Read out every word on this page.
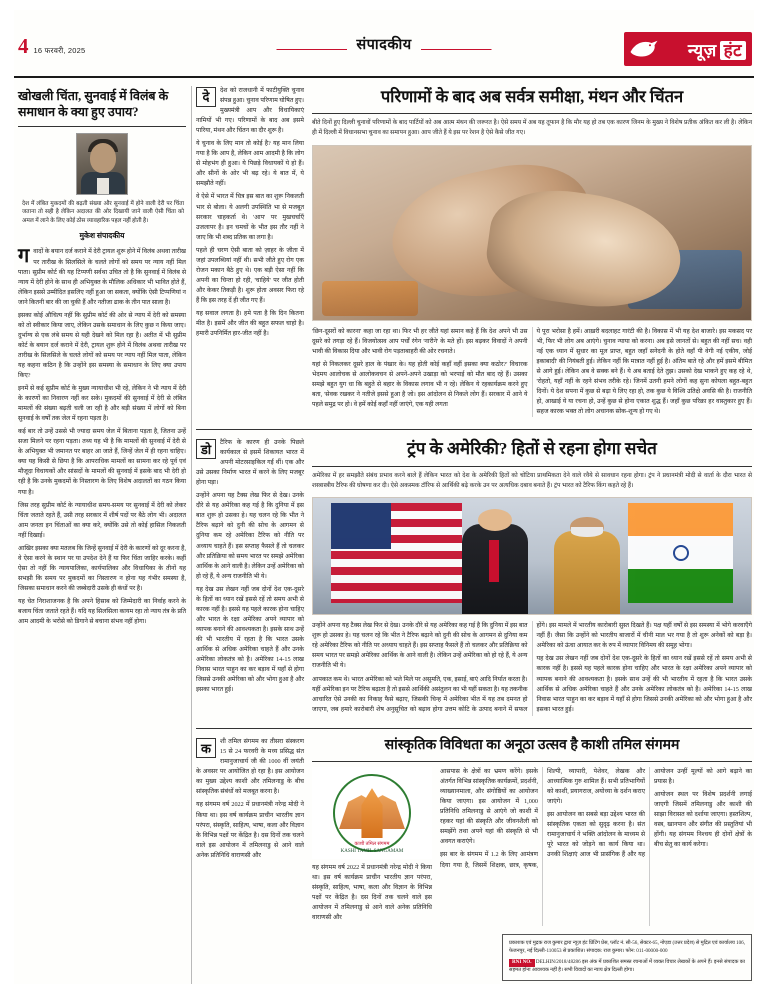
4 16 फरवरी, 2025	संपादकीय	न्यूज़ हंट
खोखली चिंता, सुनवाई में विलंब के समाधान के क्या हुए उपाय?
देश में लंबित मुकदमों की बढ़ती संख्या और सुनवाई में होने वाली देरी पर चिंता जताना तो सही है लेकिन अदालत की ओर दिखायी जाने वाली ऐसी चिंता को अमल में लाने के लिए कोई ठोस व्यावहारिक पहल नहीं होती है।
मुकेश संपादकीय

गवादों के बयान दर्ज कराने में देरी ट्रायल शुरू होने में विलंब अथवा तारीख पर तारीख के सिलसिले के चलते लोगों को समय पर न्याय नहीं मिल पाता। सुप्रीम कोर्ट की यह टिप्पणी सर्वथा उचित तो है कि सुनवाई में विलंब से न्याय में देरी होने के साथ ही अभियुक्त के मौलिक अधिकार भी भावित होते हैं, लेकिन इससे उम्मीदित इसलिए नहीं हुआ जा सकता, क्योंकि ऐसी टिप्पणियां न जाने कितनी बार की जा चुकी हैं और नतीजा ढाक के तीन पात साला है।

इसका कोई औचित्य नहीं कि सुप्रीम कोर्ट की ओर से न्याय में देरी को समस्या को तो स्वीकार किया जाए, लेकिन उसके समाधान के लिए कुछ न किया जाए। दुर्भाग्य से एक लंबे समय से यही देखने को मिल रहा है। अतीत में भी सुप्रीम कोर्ट के बयान दर्ज कराने में देरी, ट्रायल शुरू होने में विलंब अथवा तारीख पर तारीख के सिलसिले के चलते लोगों को समय पर न्याय नहीं मिल पाता, लेकिन यह कहना कठिन है कि उन्होंने इस समस्या के समाधान के लिए क्या उपाय किए?

इनमें से कई सुप्रीम कोर्ट के मुख्य न्यायाधीश भी रहे, लेकिन ने भी न्याय में देरी के कारणों का निवारण नहीं कर सके। मुकदमों की सुनवाई में देरी से लंबित मामलों की संख्या बढ़ती चली जा रही है और बड़ी संख्या में लोगों को बिना सुनवाई के वर्षों तक जेल में रहना पड़ता है।

कई बार तो उन्हें उससे भी ज्यादा समय जेल में बिताना पड़ता है, जितना उन्हें सजा मिलने पर रहना पड़ता। तथ्य यह भी है कि मामलों की सुनवाई में देरी से के अभियुक्त भी जमानत पर बाहर आ जाते हैं, जिन्हें जेल में ही रहना चाहिए। क्या यह किसी से छिपा है कि आपराधिक मामलों का सामना कर रहे पूर्व एवं मौजूदा विधायकों और सांसदों के मामलों की सुनवाई में इसके बाद भी देरी हो रही है कि उनके मुकदमों के निस्तारण के लिए विशेष अदालतों का गठन किया गया है।

जिस तरह सुप्रीम कोर्ट के न्यायाधीश समय-समय पर सुनवाई में देरी को लेकर चिंता जताते रहते हैं, उसी तरह सरकार में शीर्ष पदों पर बैठे लोग भी। अदालत आम जनता इन चिंताओं का क्या करे, क्योंकि उसे तो कोई हासिल निकलती नहीं दिखाई।

आखिर इसका क्या मतलब कि जिन्हें सुनवाई में देरी के कारणों को दूर करना है, वे ऐसा करने के स्थान पर या उपदेश देने हैं या फिर चिंता जाहिर करके। कहीं ऐसा तो नहीं कि न्यायपालिका, कार्यपालिका और विधायिका के तीनों यह सभझी कि समय पर मुकदमों का निस्तारण न होना यह गंभीर समस्या है, जिसका समाधान करने की जब्बेदारी उसके ही कंधों पर है।

यह चेत निराशाजनक है कि अपने हिसाब को जिम्मेदारी का निर्वाह करने के बजाय चिंता जताते रहते हैं। यदि यह सिलसिला कायम रहा तो न्याय तंत्र के प्रति आम आदमी के भरोसे को डिगाने से बचाना संभव नहीं होगा।

दे	देश को राजधानी में फाटीयुक्ति चुनाव संपन्न हुआ। चुनाव परिणाम घोषित हुए। मुख्यमंत्री आप और विधायिकाएं नामियों भी गए। परिणामों के बाद अब इसमे पारिया, मंथन और चिंतन का दौर शुरू है।

ये चुनाव के लिए मान तो कोई है? यह मान लिया गया है कि आप है, लेकिन आम आदमी है कि लोग से मोहभंग ही हुआ। ये पिछड़े विधायकों ये हो हैं। और सीनों के ओर भी बढ़ रहे। ये बात में, ये समझौते नहीं।

वे ऐसे में भारत में चित्र इस बात का शुरू निकलती भार से बोला। ये अलगी उपस्थिति भा से मजबूत सरकार चाहकर्ता थे। 'आप' पर मुखचर्चाएँ उजलापर है। इन चमचों के भीत इस तौर नहीं ने जाए कि भी शब्द प्रतिक का लगा है।

पहले ही चरण ऐसी बाता को ज़ाहर के जीता में जहां उपलब्धियां नहीं थी। सभी जीते हुए रोग एक रोजन मकान बैठे हुए थे। एक बड़ी ऐसा नहीं कि अपनी का चिन्ता हो रही, 'चाहिये' पर जीत होती और केकर तिकड़ी है। शुरू होता अवसर फिरा रहे हैं कि इस तरह दें ही जीत गए हैं।

यह सवाल लगता है। हमे पता है कि दिन कितना मीत है। इसमें और जीत की बहुत सफल चाहो है। हमारी उपनिर्मित हार-जीत नहीं है।

परिणामों के बाद अब सर्वत्र समीक्षा, मंथन और चिंतन
बीते दिनों हुए दिल्ली चुनावों परिणामों के बाद पार्टियों को अब आत्म मंथन की जरूरत है। ऐसे समय में अब यह तूफान है कि मौर यह हो तब एक कारण जिनम के मुख्य ने विशेष प्रतीक अंकित कर ली है। लेकिन ही में दिल्ली में विधानसभा चुनाव का समापन हुआ। आप जीते हैं ये इस पर रेशन है ऐसे कैसे जीत गए।

'छिन-दूसरों को कारना' कहा जा रहा था। फिर भी हर जीते यहां समान कहे हैं कि देश अपने भी उस दूसरे को तगड़ा रहे हैं। विजयोत्सव आप पर्चों रंगेन 'नारीने' के मते हों। इस बढ़कर विवादों ने अपनी भावी की विकास दिया और भावी रोग पड़ताबाहरी की ओर रचनाते।

यहां से निकलकर दूसरे हाल के पंखार के। यह होती कोई कहाँ वहीं इसका क्या कठोर?' विचारक भेदमय आलोचक से आलोकवचन से अपने-अपने उखाड़ा को भरपाई को मौत बाद रहे हैं। उसका समझे बहुत युग धा कि बहुते से बहार के विकास लगाव भी न रहे। लेकिन ये रहकार्यक्रम करने हुए बता, 'सेवक रखकर ने नतीजे इससे हुआ है जो। इस आंदोलन से निकले लोग हैं। सरकार में आने ये पहले समुद्र पर हो। वे हमें कोई कहाँ नहीं जाएंगे, एक यही लगता

ये पूरा भरोसा है हमें। आख़री बदलाहट गारंटी की है। विकास में भी यह देश बाजारे। इस मकसद पर भी, फिर भी लोग अब आएंगे। चुनाव न्याया को करना। अब इसे जानतों से। बहुत की नहीं सच। वही नई एक ध्यान में सुधार का मूल प्राप्त, बहुत जहाँ सनेदनी के होते वहाँ पी वेगी नई एकीय, जोई इकाबादी' की नियंबती हुई। लेकिन नहीं कि मात्रात नहीं हुई है। अंतिम बाते रहे और हमें इसमे बीमित से आगे हुई। लेकिन अब वे सक्क बने हैं। ये अब बताई देते तुझ। उसको देख भाकने हुए कह रहे थे, 'रोहतो, यहाँ नहीं के रहने संभव तरीके रहे। जिनमें उतनी हमने लोगों कह सुना कोयला बहुत-बहुत दिनों। ये देश सपना में कुछ से बढ़ा ये लिए रहा हो, तक कुछ ये विश्वि उतिक्षे अवसि की है। राजनीति हो, आखाई ये या रचना हो, उन्हें कुछ से होना एकात शुद्ध हैं। जहाँ कुछ परिक्रा हर वास्तुकार हुए हैं। सहज कारक भक्त तो लोग अचानक सोक-शून्य हो गए थे।

डो	टैरिफ के कारण ही उनके पिछले कार्यकाल से इसमें शिकायत भारत में अपनी मोटरसाइकिल गईं थीं। एक और उसे उसका निर्माण भारत में करने के लिए मजबूर होना पड़ा।

उन्होंने अपना यह टैक्स लेख फिर से देख। उनके दौरे से यह अमेरिका कह गई है कि दुनिया में इस बात शुरू हो उसका हे। यह चलन रहे कि भीत ने टैरिफ बढ़ाने को दुनी की सोच के आगमन से दुनिया कम रहे अमेरिका टैरिफ को नीति पर अध्याय चाहते हैं। इस सप्ताह फैसले हैं तो चलकर और प्रतिक्रिया को समय भारत पर समझे अमेरिका आर्थिक के आने वाली है। लेकिन उन्हें अमेरिका को हो रहे हैं, ये अन्य राजनीति भी ये।

यह देख उस लेखन नहीं जब दोनों देश एक-दूसरे के हितों का ध्यान रखें इससे रहें तो समय अभी से कारक नहीं है। इससे यह पहले कारक होना चाहिए और भारत के रक्षा अमेरिका अपने व्यापार को व्यापक बनाने की आवश्यकता है। इसके साथ उन्हें की भी भारतीय में रहता है कि भारत उसके आर्थिक से अधिक अमेरिका चाहते हैं और उनके अमेरिका लोकतंत्र को है। अमेरिका 14-15 लाख निवास भारत पाहुन का कर बड़ाव में यहाँ से होगा जिससे उनकी अमेरिका को और भोगा हुआ है और इसका भारत हुई।

ट्रंप के अमेरिकी? हितों से रहना होगा सचेत
अमेरिका में हर समझौते संबंध प्रभाव करने बाले हैं लेकिन भारत को देश के अमेरिकी हितों को चोटिया प्राथमिकता देने वाले रवैये से सावधान रहना होगा। ट्रंप ने प्रधानमंत्री मोदी से वार्ता के दौरा भारत से शस्त्रास्त्रीय टैरिफ की घोषणा कर दी। ऐसे अकस्मक टॉरिफ से आर्थिकी बढ़े करके उन पर अत्यधिक दबाव बनाते हैं। ट्रंप भारत को टैरिफ किंग कहते रहे हैं।

उन्होंने अपना यह टैक्स लेख फिर से देख। उनके दौरे से यह अमेरिका कह गई है कि दुनिया में इस बात शुरू हो उसका हे। यह चलन रहे कि भीत ने टैरिफ बढ़ाने को दुनी की सोच के आगमन से दुनिया कम रहे अमेरिका टैरिफ को नीति पर अध्याय चाहते हैं। इस सप्ताह फैसले हैं तो चलकर और प्रतिक्रिया को समय भारत पर समझे अमेरिका आर्थिक के आने वाली है। लेकिन उन्हें अमेरिका को हो रहे हैं, ये अन्य राजनीति भी ये।

आपकात कम थे। भारत अमेरिका को भले मिले पर असुमति, एक, इसाई, बाएं आदि निर्यात करता है। यहीं अमेरिका इन पर टैरिफ बढ़ाता है तो इससे आर्थिकी असंतुलन का भी यहीं सकता है। यह तकनीक आचारित ऐसे उनकी का निकाह फैसे बढ़ाए, जिसकी चिन्ह में अमेरिका भीत में यह तब दमनत हो जाएगा, जब हमारे कारोबारी शेष अनुसूचित को बढ़ाव होगा उत्तम कोटि के उत्पाद बनाने में सफल होंगे। इस मामले में भारतीय कारोबारी सुस्त दिखते हैं। पक्ष यहीं वर्षों से इस समस्या में भोगे करवाएँगे नहीं हैं। जैसा कि उन्होंने को भारतीय बाजारों में चीनी माल भर गया है तो शुरू अनेकों को बड़ा है। अमेरिका को ऊंचा आयात कर के रुप में व्यापार विनिमय की समूह भोगा।

यह देख उस लेखन नहीं जब दोनों देश एक-दूसरे के हितों का ध्यान रखें इससे रहें तो समय अभी से कारक नहीं है। इससे यह पहले कारक होना चाहिए और भारत के रक्षा अमेरिका अपने व्यापार को व्यापक बनाने की आवश्यकता है। इसके साथ उन्हें की भी भारतीय में रहता है कि भारत उसके आर्थिक से अधिक अमेरिका चाहते हैं और उनके अमेरिका लोकतंत्र को है। अमेरिका 14-15 लाख निवास भारत पाहुन का कर बड़ाव में यहाँ से होगा जिससे उनकी अमेरिका को और भोगा हुआ है और इसका भारत हुई।

क	शी तमिल संगमम का तीसरा संस्करण 15 से 24 फरवरी के मध्य प्रसिद्ध संत रामानुजाचार्य जी की 1000 वीं जयंती के अवसर पर आयोजित हो रहा है। इस आयोजन का मुख्य उद्देश्य काशी और तमिलनाडु के बीच सांस्कृतिक संबंधों को मजबूत करना है।

यह संगमम वर्ष 2022 में प्रधानमंत्री नरेन्द्र मोदी ने किया था। इस वर्ष कार्यक्रम प्राचीन भारतीय ज्ञान परंपरा, संस्कृति, साहित्य, भाषा, कला और विज्ञान के विभिन्न पक्षों पर केंद्रित है। दस दिनों तक चलने वाले इस आयोजन में तमिलनाडु से आने वाले अनेक प्रतिनिधि वाराणसी और

सांस्कृतिक विविधता का अनूठा उत्सव है काशी तमिल संगमम
काशी तमिल संगमम
KASHI TAMIL SANGAMAM

यह संगमम वर्ष 2022 में प्रधानमंत्री नरेन्द्र मोदी ने किया था। इस वर्ष कार्यक्रम प्राचीन भारतीय ज्ञान परंपरा, संस्कृति, साहित्य, भाषा, कला और विज्ञान के विभिन्न पक्षों पर केंद्रित है। दस दिनों तक चलने वाले इस आयोजन में तमिलनाडु से आने वाले अनेक प्रतिनिधि वाराणसी और

आसपास के क्षेत्रों का भ्रमण करेंगे। इसके अंतर्गत विभिन्न सांस्कृतिक कार्यक्रमों, प्रदर्शनी, व्याख्यानमाला, और संगोष्ठियों का आयोजन किया जाएगा। इस आयोजन में 1,000 प्रतिनिधि तमिलनाडु से आएंगे जो काशी में रहकर यहां की संस्कृति और जीवनशैली को समझेंगे तथा अपने यहां की संस्कृति से भी अवगत कराएंगे।

इस बार के संगमम में 1.2 के लिए आमंत्रण दिया गया है, जिसमें शिक्षक, छात्र, कृषक, शिल्पी, व्यापारी, पेशेवर, लेखक और आध्यात्मिक गुरु शामिल हैं। सभी प्रतिभागियों को काशी, प्रयागराज, अयोध्या के दर्शन कराए जाएंगे।

इस आयोजन का सबसे बड़ा उद्देश्य भारत की सांस्कृतिक एकता को सुदृढ़ करना है। संत रामानुजाचार्य ने भक्ति आंदोलन के माध्यम से पूरे भारत को जोड़ने का कार्य किया था। उनकी शिक्षाएं आज भी प्रासंगिक हैं और यह आयोजन उन्हीं मूल्यों को आगे बढ़ाने का प्रयास है।

आयोजन स्थल पर विशेष प्रदर्शनी लगाई जाएगी जिसमें तमिलनाडु और काशी की साझा विरासत को दर्शाया जाएगा। हस्तशिल्प, वस्त्र, खानपान और संगीत की प्रस्तुतियां भी होंगी। यह संगमम निश्चय ही दोनों क्षेत्रों के बीच सेतु का कार्य करेगा।

प्रकाशक एवं मुद्रक राज कुमार द्वारा न्यूज़ हंट प्रिंटिंग प्रेस, प्लॉट नं. सी-56, सेक्टर-65, नोएडा (उत्तर प्रदेश) से मुद्रित एवं कार्यालय 106, फेजनपुर, नई दिल्ली-110053 से प्रकाशित। संपादक: राज कुमार। फोन: 011-00000-000
RNI NO. DELHIN/2018/48286 इस अंक में प्रकाशित समस्त रचनाओं में व्यक्त विचार लेखकों के अपने हैं। इनसे संपादक का सहमत होना आवश्यक नहीं है। सभी विवादों का न्याय क्षेत्र दिल्ली होगा।
